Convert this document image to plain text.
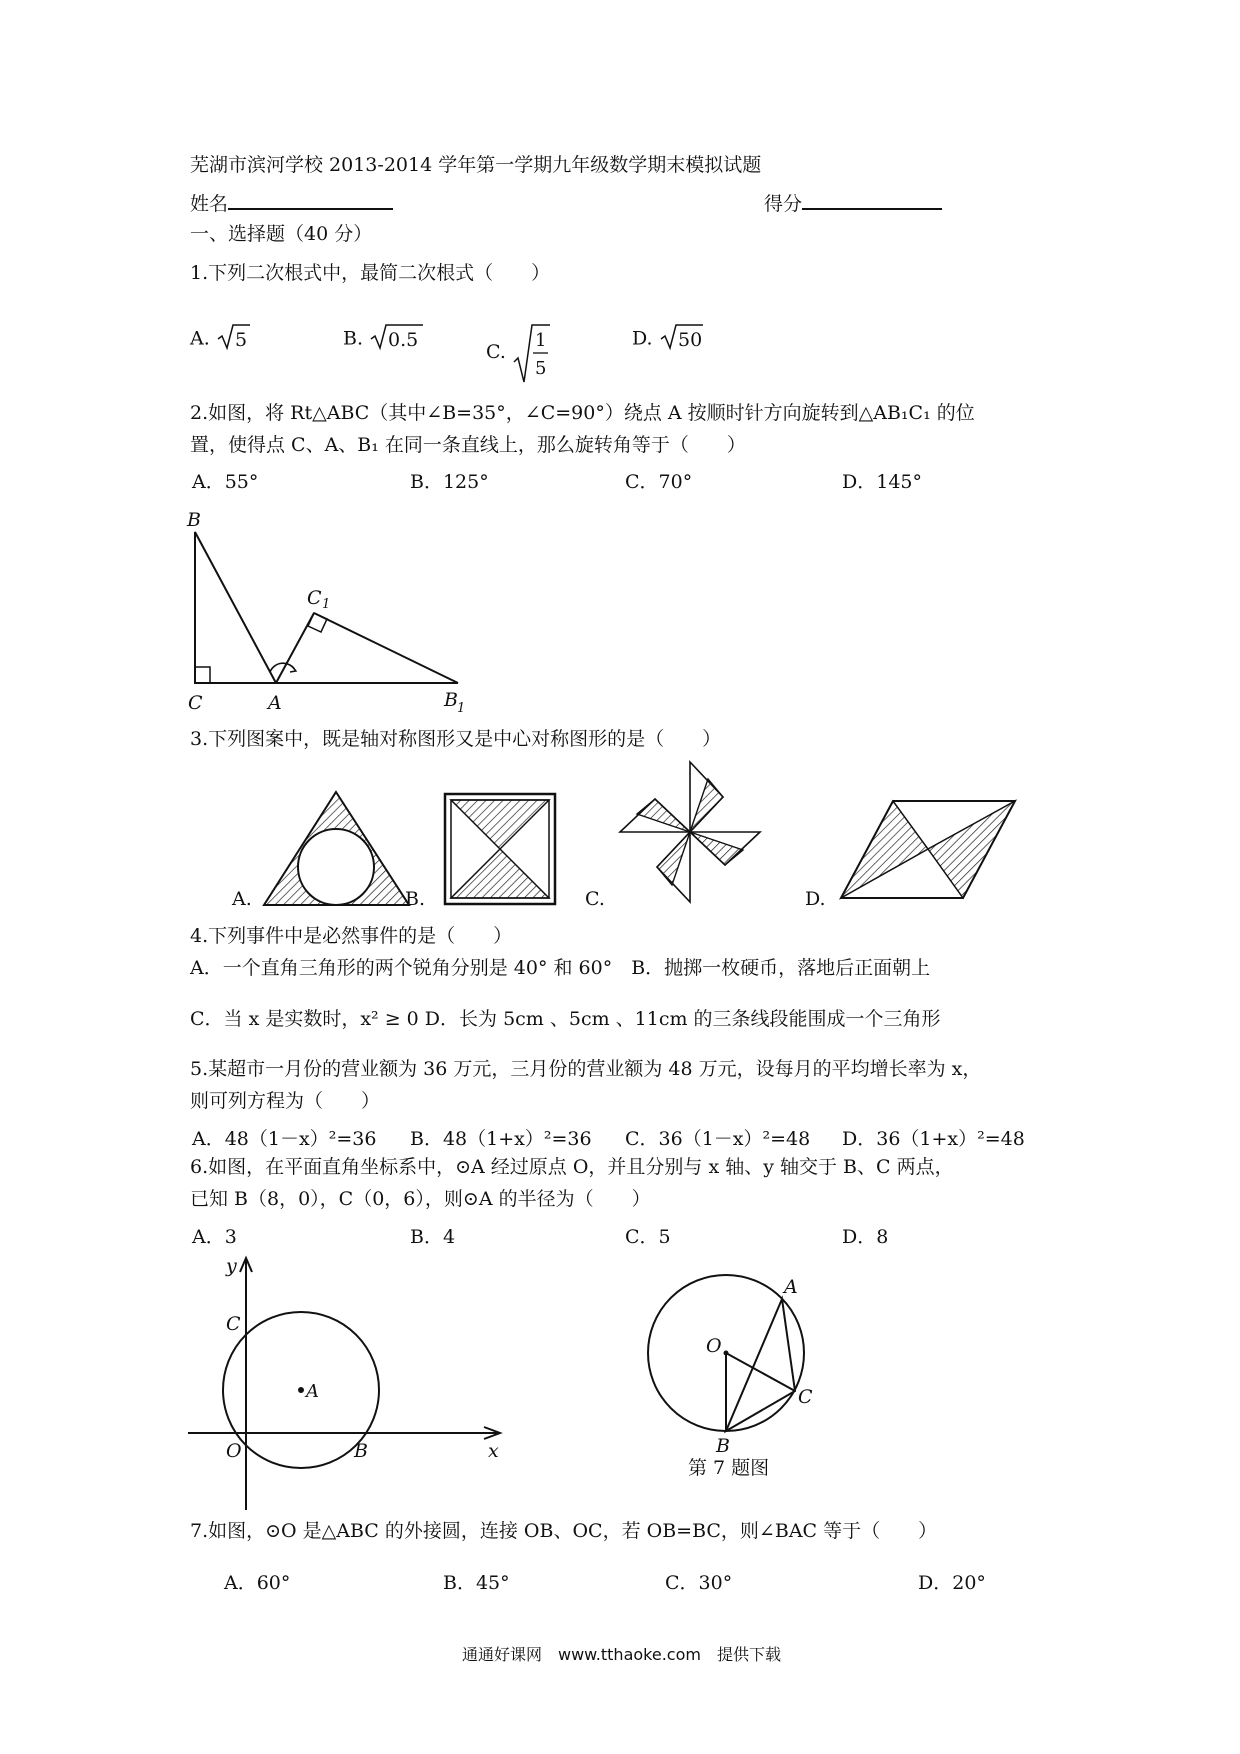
芜湖市滨河学校 2013-2014 学年第一学期九年级数学期末模拟试题
姓名	得分
一、选择题（40 分）
1.下列二次根式中，最简二次根式（　　）
A. 5	B. 0.5
C.
1
5
D. 50
2.如图，将 Rt△ABC（其中∠B=35°，∠C=90°）绕点 A 按顺时针方向旋转到△AB₁C₁ 的位
置，使得点 C、A、B₁ 在同一条直线上，那么旋转角等于（　　）
A．55°	B．125°	C．70°	D．145°
B
C	A
C 1
B 1
3.下列图案中，既是轴对称图形又是中心对称图形的是（　　）
A.	B.	C.	D.
4.下列事件中是必然事件的是（　　）
A．一个直角三角形的两个锐角分别是 40° 和 60°　B．抛掷一枚硬币，落地后正面朝上
C．当 x 是实数时，x² ≥ 0 D．长为 5cm 、5cm 、11cm 的三条线段能围成一个三角形
5.某超市一月份的营业额为 36 万元，三月份的营业额为 48 万元，设每月的平均增长率为 x，
则可列方程为（　　）
A．48（1－x）²=36 B．48（1+x）²=36 C．36（1－x）²=48 D．36（1+x）²=48
6.如图，在平面直角坐标系中，⊙A 经过原点 O，并且分别与 x 轴、y 轴交于 B、C 两点，
已知 B（8，0），C（0，6），则⊙A 的半径为（　　）
A．3	B．4	C．5	D．8
y
C
A
O	B	x
A
O
C
B
第 7 题图
7.如图，⊙O 是△ABC 的外接圆，连接 OB、OC，若 OB=BC，则∠BAC 等于（　　）
A．60°	B．45°	C．30°	D．20°
通通好课网　www.tthaoke.com　提供下载
